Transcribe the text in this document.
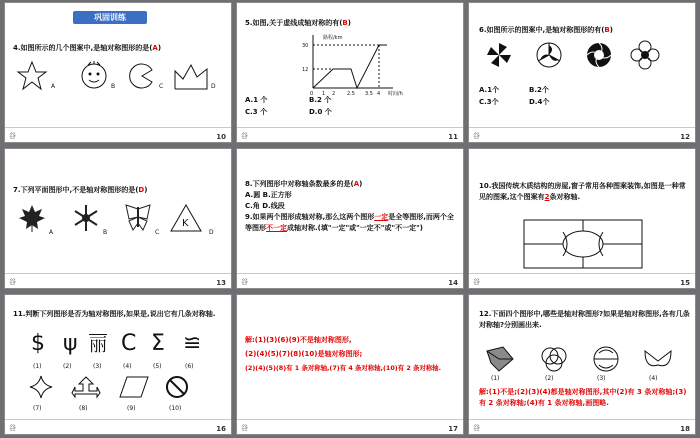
巩固训练
4.如图所示的几个图案中,是轴对称图形的是(A)
A	B	C	D
谷	10
5.如图,关于虚线成轴对称的有(B)
路程/km
时间/h
30
12
0 1 2 2.5 3.5 4
A.1 个	B.2 个
C.3 个	D.0 个
谷	11
6.如图所示的图案中,是轴对称图形的有(B)
A.1个	B.2个
C.3个	D.4个
谷	12
7.下列平面图形中,不是轴对称图形的是(D)
A	B	C
K
D
谷	13
8.下列图形中对称轴条数最多的是(A)
A.圆 B.正方形
C.角 D.线段
9.如果两个图形成轴对称,那么这两个图形一定是全等图形,而两个全等图形不一定成轴对称.(填"一定"或"一定不"或"不一定")
谷	14
10.我国传统木质结构的房屋,窗子常用各种图案装饰,如图是一种常见的图案,这个图案有2条对称轴.
谷	15
11.判断下列图形是否为轴对称图形,如果是,说出它有几条对称轴.
$ ψ 丽 C Σ ≌
(1)	(2)	(3)	(4)	(5)	(6)
(7)	(8)	(9)	(10)
谷	16
解:(1)(3)(6)(9)不是轴对称图形,
(2)(4)(5)(7)(8)(10)是轴对称图形;
(2)(4)(5)(8)有 1 条对称轴,(7)有 4 条对称轴,(10)有 2 条对称轴.
谷	17
12.下面四个图形中,哪些是轴对称图形?如果是轴对称图形,各有几条对称轴?分别画出来.
(1)	(2)	(3)	(4)
解:(1)不是;(2)(3)(4)都是轴对称图形,其中(2)有 3 条对称轴;(3)有 2 条对称轴;(4)有 1 条对称轴,画图略.
谷	18
